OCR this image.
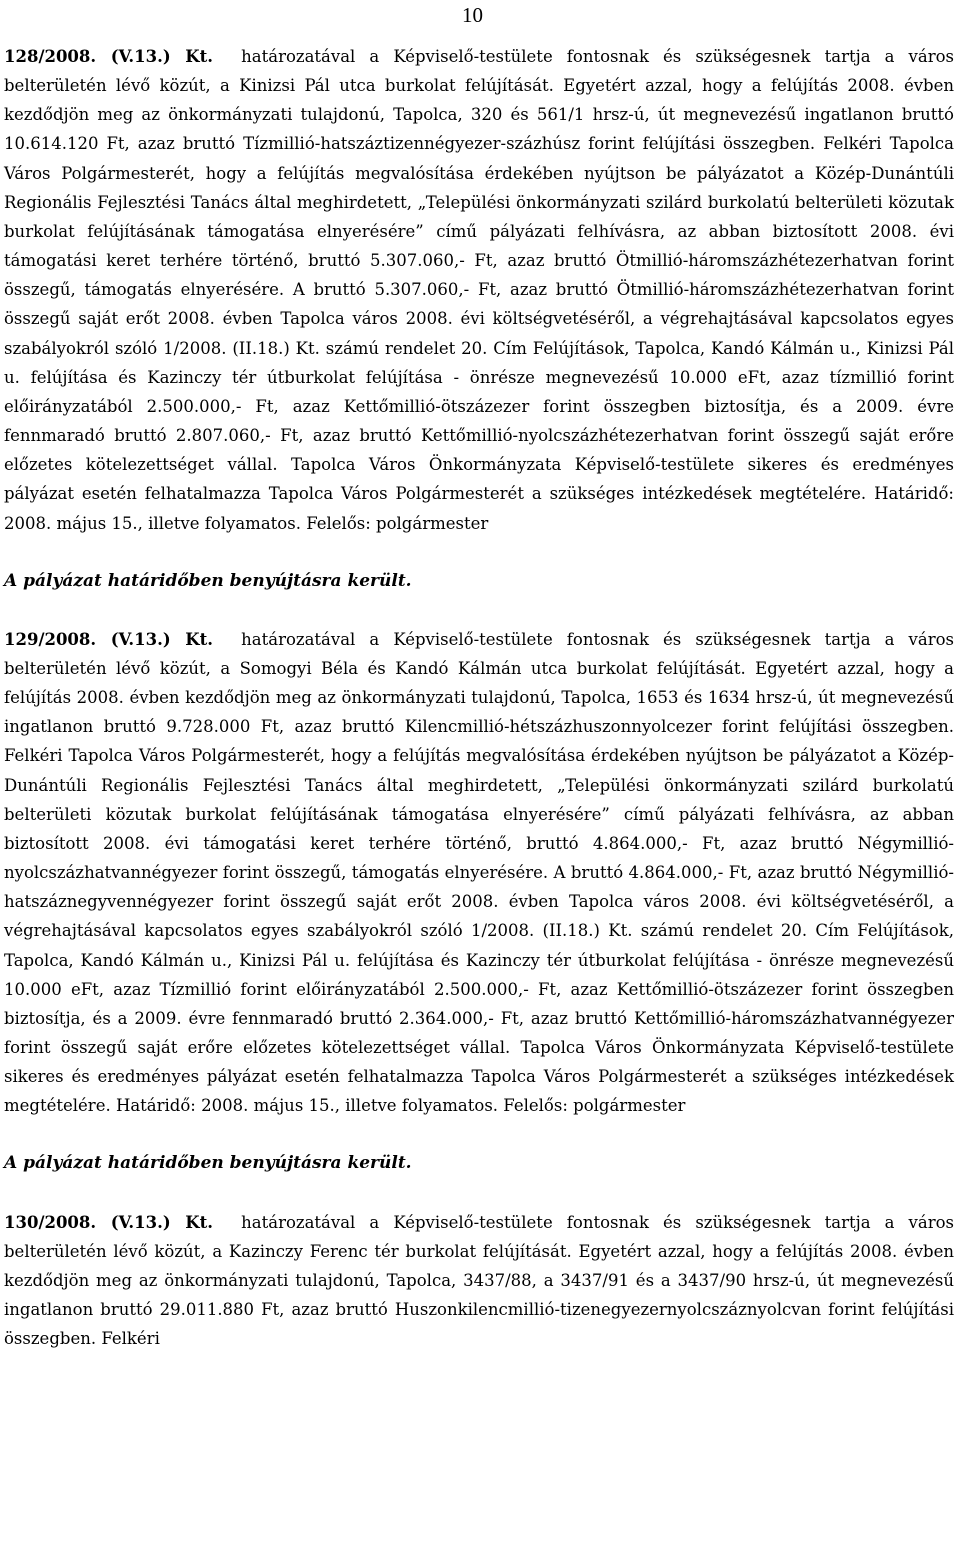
10

128/2008. (V.13.) Kt. határozatával a Képviselő-testülete fontosnak és szükségesnek tartja a város belterületén lévő közút, a Kinizsi Pál utca burkolat felújítását. Egyetért azzal, hogy a felújítás 2008. évben kezdődjön meg az önkormányzati tulajdonú, Tapolca, 320 és 561/1 hrsz-ú, út megnevezésű ingatlanon bruttó 10.614.120 Ft, azaz bruttó Tízmillió-hatszáztizennégyezer-százhúsz forint felújítási összegben. Felkéri Tapolca Város Polgármesterét, hogy a felújítás megvalósítása érdekében nyújtson be pályázatot a Közép-Dunántúli Regionális Fejlesztési Tanács által meghirdetett, „Települési önkormányzati szilárd burkolatú belterületi közutak burkolat felújításának támogatása elnyerésére” című pályázati felhívásra, az abban biztosított 2008. évi támogatási keret terhére történő, bruttó 5.307.060,- Ft, azaz bruttó Ötmillió-háromszázhétezerhatvan forint összegű, támogatás elnyerésére. A bruttó 5.307.060,- Ft, azaz bruttó Ötmillió-háromszázhétezerhatvan forint összegű saját erőt 2008. évben Tapolca város 2008. évi költségvetéséről, a végrehajtásával kapcsolatos egyes szabályokról szóló 1/2008. (II.18.) Kt. számú rendelet 20. Cím Felújítások, Tapolca, Kandó Kálmán u., Kinizsi Pál u. felújítása és Kazinczy tér útburkolat felújítása - önrésze megnevezésű 10.000 eFt, azaz tízmillió forint előirányzatából 2.500.000,- Ft, azaz Kettőmillió-ötszázezer forint összegben biztosítja, és a 2009. évre fennmaradó bruttó 2.807.060,- Ft, azaz bruttó Kettőmillió-nyolcszázhétezerhatvan forint összegű saját erőre előzetes kötelezettséget vállal. Tapolca Város Önkormányzata Képviselő-testülete sikeres és eredményes pályázat esetén felhatalmazza Tapolca Város Polgármesterét a szükséges intézkedések megtételére. Határidő: 2008. május 15., illetve folyamatos. Felelős: polgármester

A pályázat határidőben benyújtásra került.

129/2008. (V.13.) Kt. határozatával a Képviselő-testülete fontosnak és szükségesnek tartja a város belterületén lévő közút, a Somogyi Béla és Kandó Kálmán utca burkolat felújítását. Egyetért azzal, hogy a felújítás 2008. évben kezdődjön meg az önkormányzati tulajdonú, Tapolca, 1653 és 1634 hrsz-ú, út megnevezésű ingatlanon bruttó 9.728.000 Ft, azaz bruttó Kilencmillió-hétszázhuszonnyolcezer forint felújítási összegben. Felkéri Tapolca Város Polgármesterét, hogy a felújítás megvalósítása érdekében nyújtson be pályázatot a Közép-Dunántúli Regionális Fejlesztési Tanács által meghirdetett, „Települési önkormányzati szilárd burkolatú belterületi közutak burkolat felújításának támogatása elnyerésére” című pályázati felhívásra, az abban biztosított 2008. évi támogatási keret terhére történő, bruttó 4.864.000,- Ft, azaz bruttó Négymillió-nyolcszázhatvannégyezer forint összegű, támogatás elnyerésére. A bruttó 4.864.000,- Ft, azaz bruttó Négymillió-hatszáznegyvennégyezer forint összegű saját erőt 2008. évben Tapolca város 2008. évi költségvetéséről, a végrehajtásával kapcsolatos egyes szabályokról szóló 1/2008. (II.18.) Kt. számú rendelet 20. Cím Felújítások, Tapolca, Kandó Kálmán u., Kinizsi Pál u. felújítása és Kazinczy tér útburkolat felújítása - önrésze megnevezésű 10.000 eFt, azaz Tízmillió forint előirányzatából 2.500.000,- Ft, azaz Kettőmillió-ötszázezer forint összegben biztosítja, és a 2009. évre fennmaradó bruttó 2.364.000,- Ft, azaz bruttó Kettőmillió-háromszázhatvannégyezer forint összegű saját erőre előzetes kötelezettséget vállal. Tapolca Város Önkormányzata Képviselő-testülete sikeres és eredményes pályázat esetén felhatalmazza Tapolca Város Polgármesterét a szükséges intézkedések megtételére. Határidő: 2008. május 15., illetve folyamatos. Felelős: polgármester

A pályázat határidőben benyújtásra került.

130/2008. (V.13.) Kt. határozatával a Képviselő-testülete fontosnak és szükségesnek tartja a város belterületén lévő közút, a Kazinczy Ferenc tér burkolat felújítását. Egyetért azzal, hogy a felújítás 2008. évben kezdődjön meg az önkormányzati tulajdonú, Tapolca, 3437/88, a 3437/91 és a 3437/90 hrsz-ú, út megnevezésű ingatlanon bruttó 29.011.880 Ft, azaz bruttó Huszonkilencmillió-tizenegyezernyolcszáznyolcvan forint felújítási összegben. Felkéri
